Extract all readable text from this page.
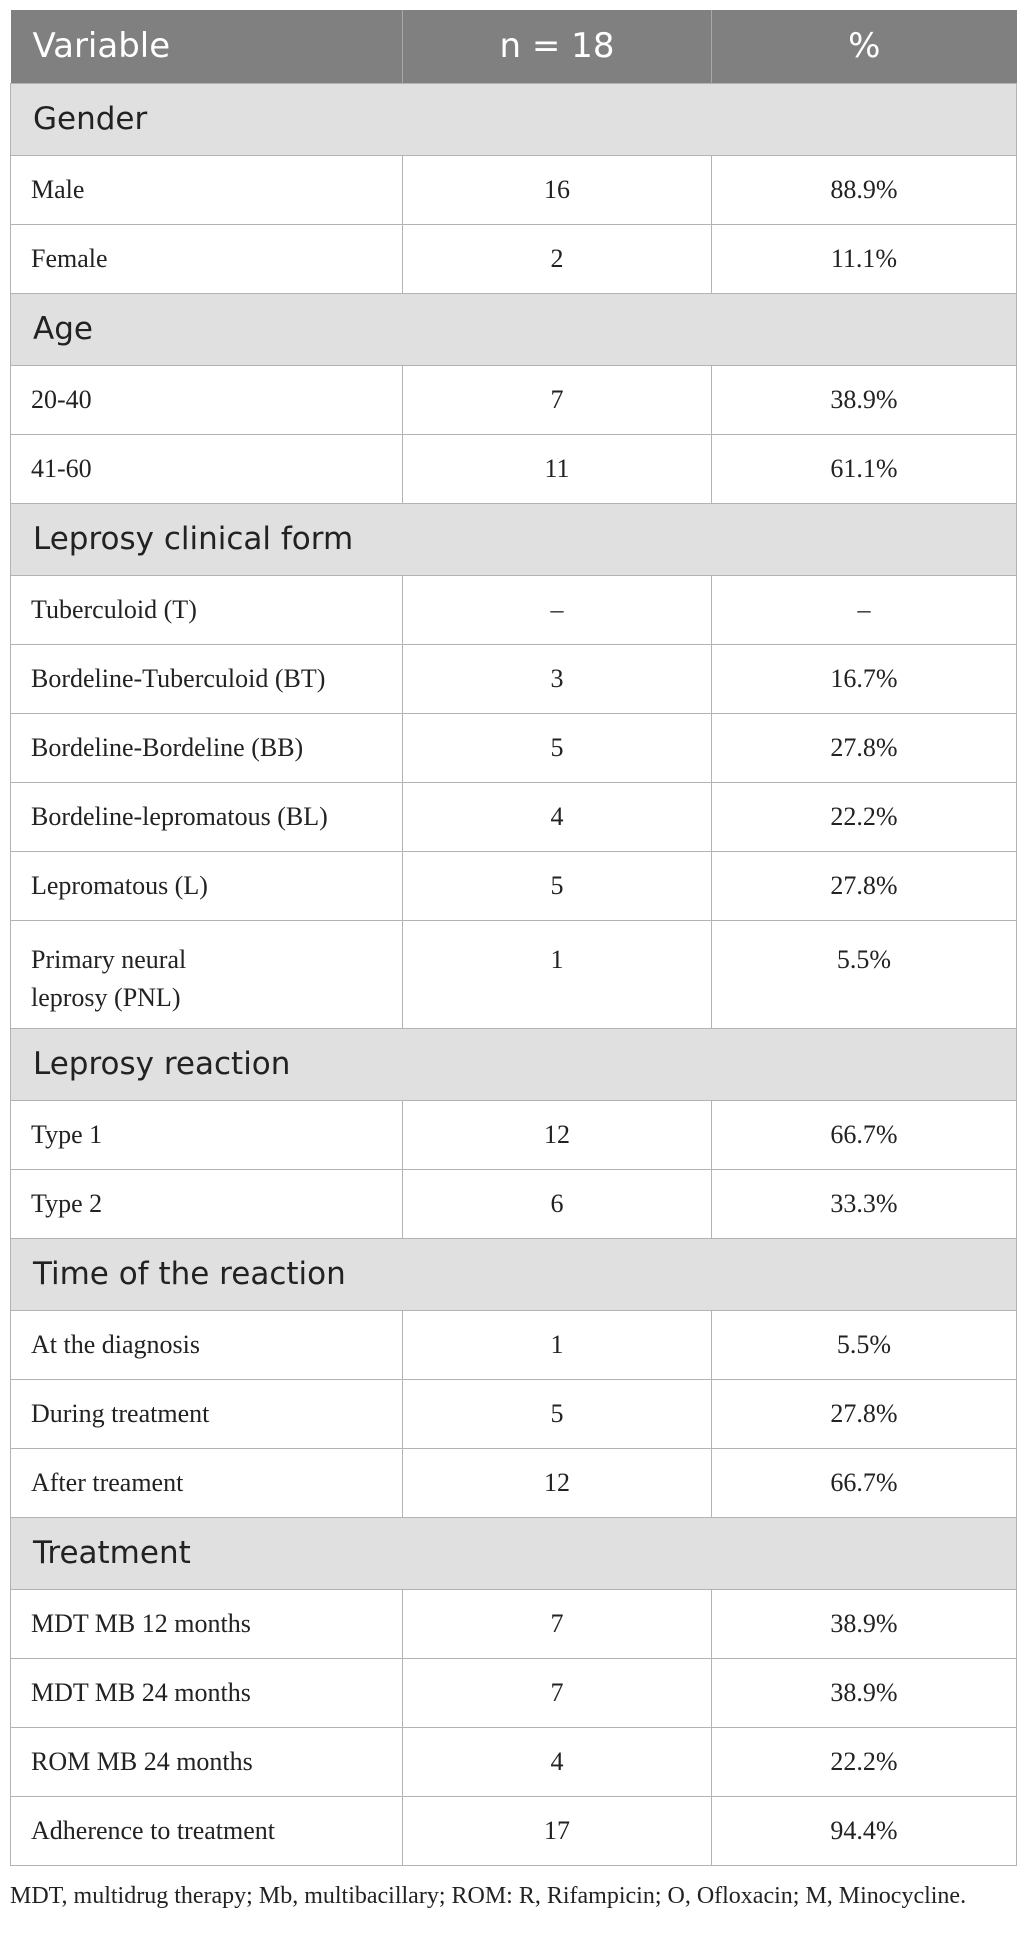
Variable	n = 18	%
Gender		
Male	16	88.9%
Female	2	11.1%
Age		
20-40	7	38.9%
41-60	11	61.1%
Leprosy clinical form		
Tuberculoid (T)	–	–
Bordeline-Tuberculoid (BT)	3	16.7%
Bordeline-Bordeline (BB)	5	27.8%
Bordeline-lepromatous (BL)	4	22.2%
Lepromatous (L)	5	27.8%
Primary neural
leprosy (PNL)	1	5.5%
Leprosy reaction		
Type 1	12	66.7%
Type 2	6	33.3%
Time of the reaction		
At the diagnosis	1	5.5%
During treatment	5	27.8%
After treament	12	66.7%
Treatment		
MDT MB 12 months	7	38.9%
MDT MB 24 months	7	38.9%
ROM MB 24 months	4	22.2%
Adherence to treatment	17	94.4%
MDT, multidrug therapy; Mb, multibacillary; ROM: R, Rifampicin; O, Ofloxacin; M, Minocycline.
